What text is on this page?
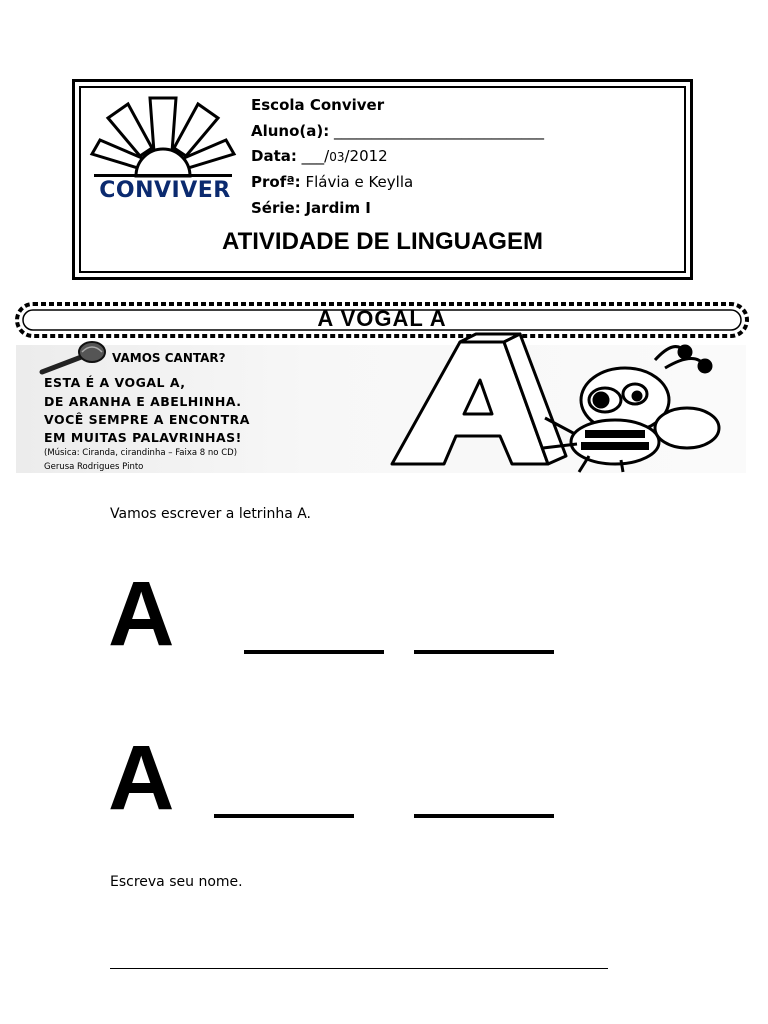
CONVIVER
Escola Conviver
Aluno(a): ____________________________
Data: ___/03/2012
Profª: Flávia e Keylla
Série: Jardim I
ATIVIDADE DE LINGUAGEM
A VOGAL A
VAMOS CANTAR?
ESTA É A VOGAL A,
DE ARANHA E ABELHINHA.
VOCÊ SEMPRE A ENCONTRA
EM MUITAS PALAVRINHAS!
(Música: Ciranda, cirandinha – Faixa 8 no CD)
Gerusa Rodrigues Pinto
Vamos escrever a letrinha A.
A
A
Escreva seu nome.
